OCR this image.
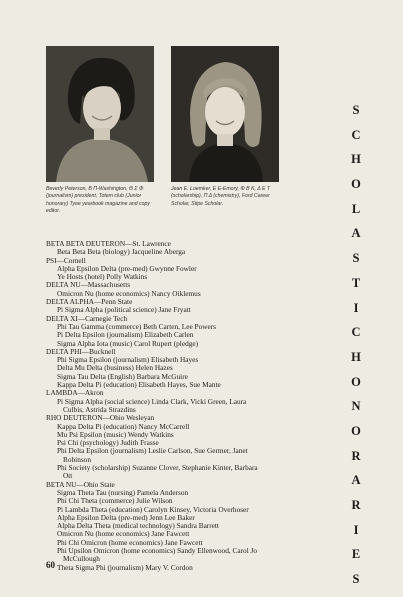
Beverly Peterson, Β Π-Washington, Θ Σ Φ (journalism) president, Totem club (Junior honorary) Tyee yearbook magazine and copy editor.
Jean E. Loemker, Ε Ε-Emory, Φ Β Κ, Δ Ε Τ (scholarship), Π Δ (chemistry), Ford Career Scholar, Stipe Scholar.
BETA BETA DEUTERON—St. Lawrence
Beta Beta Beta (biology) Jacqueline Aberga
PSI—Cornell
Alpha Epsilon Delta (pre-med) Gwynne Fowler
Ye Hosts (hotel) Polly Watkins
DELTA NU—Massachusetts
Omicron Nu (home economics) Nancy Oiklemus
DELTA ALPHA—Penn State
Pi Sigma Alpha (political science) Jane Fryatt
DELTA XI—Carnegie Tech
Phi Tau Gamma (commerce) Beth Carten, Lee Powers
Pi Delta Epsilon (journalism) Elizabeth Carlen
Sigma Alpha Iota (music) Carol Rupert (pledge)
DELTA PHI—Bucknell
Phi Sigma Epsilon (journalism) Elisabeth Hayes
Delta Mu Delta (business) Helen Hazes
Sigma Tau Delta (English) Barbara McGuire
Kappa Delta Pi (education) Elisabeth Hayes, Sue Mante
LAMBDA—Akron
Pi Sigma Alpha (social science) Linda Clark, Vicki Green, Laura
Culbis, Astrida Strazdins
RHO DEUTERON—Ohio Wesleyan
Kappa Delta Pi (education) Nancy McCarrell
Mu Psi Epsilon (music) Wendy Watkins
Psi Chi (psychology) Judith Frasse
Phi Delta Epsilon (journalism) Leslie Carlson, Sue Germer, Janet
Robinson
Phi Society (scholarship) Suzanne Clover, Stephanie Kinter, Barbara
Ott
BETA NU—Ohio State
Sigma Theta Tau (nursing) Pamela Anderson
Phi Chi Theta (commerce) Julie Wilson
Pi Lambda Theta (education) Carolyn Kinsey, Victoria Overhoser
Alpha Epsilon Delta (pre-med) Jenn Lee Baker
Alpha Delta Theta (medical technology) Sandra Barrett
Omicron Nu (home economics) Jane Fawcett
Phi Chi Omicron (home economics) Jane Fawcett
Phi Upsilon Omicron (home economics) Sandy Ellenwood, Carol Jo
McCullough
Theta Sigma Phi (journalism) Mary V. Cordon
S
C
H
O
L
A
S
T
I
C
H
O
N
O
R
A
R
I
E
S
60
